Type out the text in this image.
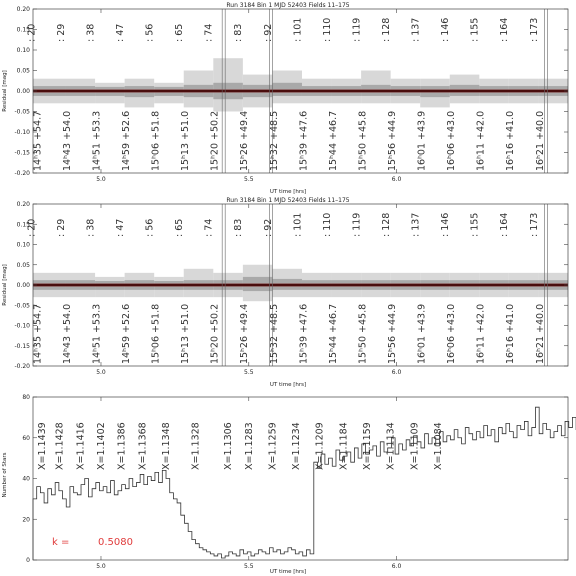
Run 3184 Bin 1 MJD 52403 Fields 11–175
Residual [mag]
UT time [hrs]
: 20
14ʰ35 +54.7
: 29
14ʰ43 +54.0
: 38
14ʰ51 +53.3
: 47
14ʰ59 +52.6
: 56
15ʰ06 +51.8
: 65
15ʰ13 +51.0
: 74
15ʰ20 +50.2
: 83
15ʰ26 +49.4
: 92
15ʰ32 +48.5
: 101
15ʰ39 +47.6
: 110
15ʰ44 +46.7
: 119
15ʰ50 +45.8
: 128
15ʰ56 +44.9
: 137
16ʰ01 +43.9
: 146
16ʰ06 +43.0
: 155
16ʰ11 +42.0
: 164
16ʰ16 +41.0
: 173
16ʰ21 +40.0
5.0	5.5	6.0
-0.20
-0.15
-0.10
-0.05
0.00
0.05
0.10
0.15
0.20
Run 3184 Bin 1 MJD 52403 Fields 11–175
Residual [mag]
UT time [hrs]
: 20
14ʰ35 +54.7
: 29
14ʰ43 +54.0
: 38
14ʰ51 +53.3
: 47
14ʰ59 +52.6
: 56
15ʰ06 +51.8
: 65
15ʰ13 +51.0
: 74
15ʰ20 +50.2
: 83
15ʰ26 +49.4
: 92
15ʰ32 +48.5
: 101
15ʰ39 +47.6
: 110
15ʰ44 +46.7
: 119
15ʰ50 +45.8
: 128
15ʰ56 +44.9
: 137
16ʰ01 +43.9
: 146
16ʰ06 +43.0
: 155
16ʰ11 +42.0
: 164
16ʰ16 +41.0
: 173
16ʰ21 +40.0
5.0	5.5	6.0
-0.20
-0.15
-0.10
-0.05
0.00
0.05
0.10
0.15
0.20
Number of Stars
UT time [hrs]
k =	0.5080
X=1.1439 X=1.1428 X=1.1416 X=1.1402 X=1.1386 X=1.1368 X=1.1348 X=1.1328 X=1.1306 X=1.1283 X=1.1259 X=1.1234 X=1.1209 X=1.1184 X=1.1159 X=1.1134 X=1.1109 X=1.1084
5.0	5.5	6.0
0
20
40
60
80
